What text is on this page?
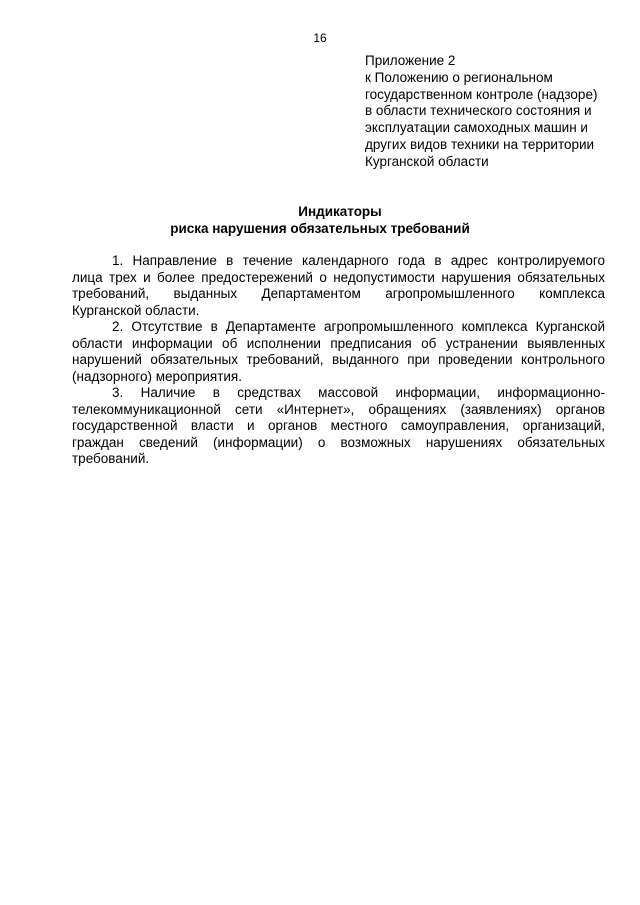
16
Приложение 2
к Положению о региональном
государственном контроле (надзоре)
в области технического состояния и
эксплуатации самоходных машин и
других видов техники на территории
Курганской области
Индикаторы
риска нарушения обязательных требований
1. Направление в течение календарного года в адрес контролируемого
лица трех и более предостережений о недопустимости нарушения обязательных
требований, выданных Департаментом агропромышленного комплекса
Курганской области.
2. Отсутствие в Департаменте агропромышленного комплекса Курганской
области информации об исполнении предписания об устранении выявленных
нарушений обязательных требований, выданного при проведении контрольного
(надзорного) мероприятия.
3. Наличие в средствах массовой информации, информационно-
телекоммуникационной сети «Интернет», обращениях (заявлениях) органов
государственной власти и органов местного самоуправления, организаций,
граждан сведений (информации) о возможных нарушениях обязательных
требований.
